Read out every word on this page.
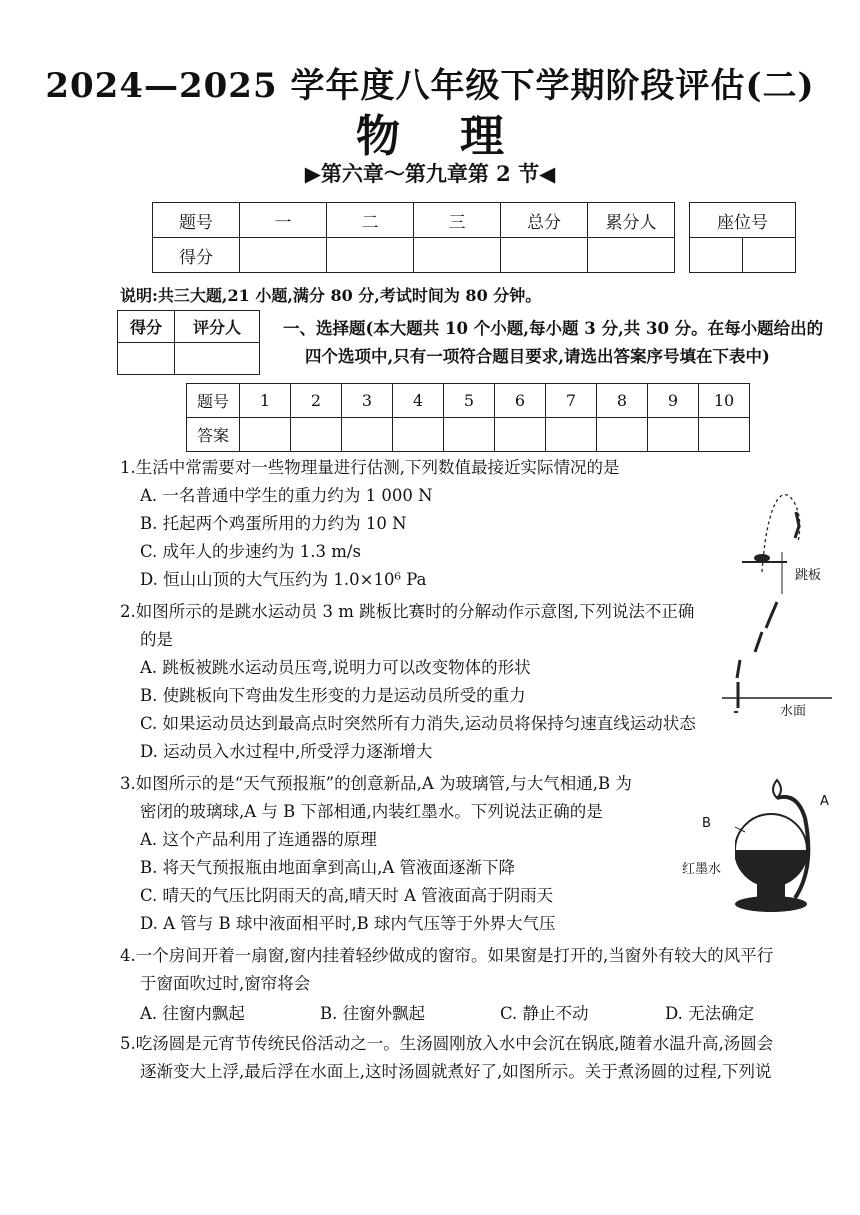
2024—2025 学年度八年级下学期阶段评估(二)
物理
▶第六章～第九章第 2 节◀
题号	一	二	三	总分	累分人
得分					
座位号

说明:共三大题,21 小题,满分 80 分,考试时间为 80 分钟。
得分	评分人
		一、选择题(本大题共 10 个小题,每小题 3 分,共 30 分。在每小题给出的
四个选项中,只有一项符合题目要求,请选出答案序号填在下表中)
题号	1	2	3	4	5	6	7	8	9	10
答案										
1.生活中常需要对一些物理量进行估测,下列数值最接近实际情况的是
A. 一名普通中学生的重力约为 1 000 N
B. 托起两个鸡蛋所用的力约为 10 N
C. 成年人的步速约为 1.3 m/s
D. 恒山山顶的大气压约为 1.0×10⁶ Pa
2.如图所示的是跳水运动员 3 m 跳板比赛时的分解动作示意图,下列说法不正确
的是
A. 跳板被跳水运动员压弯,说明力可以改变物体的形状
B. 使跳板向下弯曲发生形变的力是运动员所受的重力
C. 如果运动员达到最高点时突然所有力消失,运动员将保持匀速直线运动状态
D. 运动员入水过程中,所受浮力逐渐增大
跳板
水面
3.如图所示的是“天气预报瓶”的创意新品,A 为玻璃管,与大气相通,B 为
密闭的玻璃球,A 与 B 下部相通,内装红墨水。下列说法正确的是
A. 这个产品利用了连通器的原理
B. 将天气预报瓶由地面拿到高山,A 管液面逐渐下降
C. 晴天的气压比阴雨天的高,晴天时 A 管液面高于阴雨天
D. A 管与 B 球中液面相平时,B 球内气压等于外界大气压
A
B
红墨水
4.一个房间开着一扇窗,窗内挂着轻纱做成的窗帘。如果窗是打开的,当窗外有较大的风平行
于窗面吹过时,窗帘将会
A. 往窗内飘起	B. 往窗外飘起	C. 静止不动	D. 无法确定
5.吃汤圆是元宵节传统民俗活动之一。生汤圆刚放入水中会沉在锅底,随着水温升高,汤圆会
逐渐变大上浮,最后浮在水面上,这时汤圆就煮好了,如图所示。关于煮汤圆的过程,下列说
